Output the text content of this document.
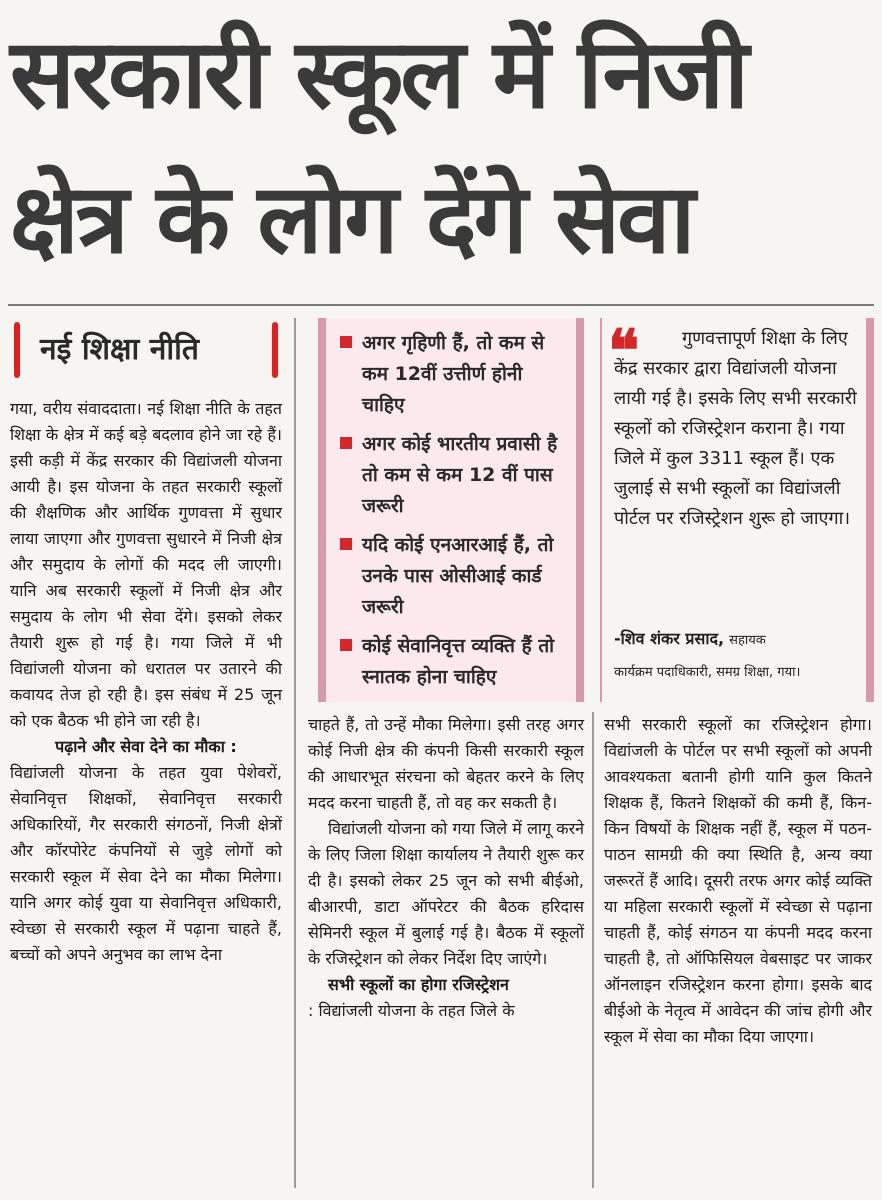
सरकारी स्कूल में निजी
क्षेत्र के लोग देंगे सेवा
नई शिक्षा नीति

गया, वरीय संवाददाता। नई शिक्षा नीति के तहत शिक्षा के क्षेत्र में कई बड़े बदलाव होने जा रहे हैं। इसी कड़ी में केंद्र सरकार की विद्यांजली योजना आयी है। इस योजना के तहत सरकारी स्कूलों की शैक्षणिक और आर्थिक गुणवत्ता में सुधार लाया जाएगा और गुणवत्ता सुधारने में निजी क्षेत्र और समुदाय के लोगों की मदद ली जाएगी। यानि अब सरकारी स्कूलों में निजी क्षेत्र और समुदाय के लोग भी सेवा देंगे। इसको लेकर तैयारी शुरू हो गई है। गया जिले में भी विद्यांजली योजना को धरातल पर उतारने की कवायद तेज हो रही है। इस संबंध में 25 जून को एक बैठक भी होने जा रही है।

पढ़ाने और सेवा देने का मौका :

विद्यांजली योजना के तहत युवा पेशेवरों, सेवानिवृत्त शिक्षकों, सेवानिवृत्त सरकारी अधिकारियों, गैर सरकारी संगठनों, निजी क्षेत्रों और कॉरपोरेट कंपनियों से जुड़े लोगों को सरकारी स्कूल में सेवा देने का मौका मिलेगा। यानि अगर कोई युवा या सेवानिवृत्त अधिकारी, स्वेच्छा से सरकारी स्कूल में पढ़ाना चाहते हैं, बच्चों को अपने अनुभव का लाभ देना

अगर गृहिणी हैं, तो कम से कम 12वीं उत्तीर्ण होनी चाहिए
अगर कोई भारतीय प्रवासी है तो कम से कम 12 वीं पास जरूरी
यदि कोई एनआरआई हैं, तो उनके पास ओसीआई कार्ड जरूरी
कोई सेवानिवृत्त व्यक्ति हैं तो स्नातक होना चाहिए

चाहते हैं, तो उन्हें मौका मिलेगा। इसी तरह अगर कोई निजी क्षेत्र की कंपनी किसी सरकारी स्कूल की आधारभूत संरचना को बेहतर करने के लिए मदद करना चाहती हैं, तो वह कर सकती है।

विद्यांजली योजना को गया जिले में लागू करने के लिए जिला शिक्षा कार्यालय ने तैयारी शुरू कर दी है। इसको लेकर 25 जून को सभी बीईओ, बीआरपी, डाटा ऑपरेटर की बैठक हरिदास सेमिनरी स्कूल में बुलाई गई है। बैठक में स्कूलों के रजिस्ट्रेशन को लेकर निर्देश दिए जाएंगे।

सभी स्कूलों का होगा रजिस्ट्रेशन

: विद्यांजली योजना के तहत जिले के

❝	गुणवत्तापूर्ण शिक्षा के लिए केंद्र सरकार द्वारा विद्यांजली योजना लायी गई है। इसके लिए सभी सरकारी स्कूलों को रजिस्ट्रेशन कराना है। गया जिले में कुल 3311 स्कूल हैं। एक जुलाई से सभी स्कूलों का विद्यांजली पोर्टल पर रजिस्ट्रेशन शुरू हो जाएगा।
-शिव शंकर प्रसाद, सहायक
कार्यक्रम पदाधिकारी, समग्र शिक्षा, गया।

सभी सरकारी स्कूलों का रजिस्ट्रेशन होगा। विद्यांजली के पोर्टल पर सभी स्कूलों को अपनी आवश्यकता बतानी होगी यानि कुल कितने शिक्षक हैं, कितने शिक्षकों की कमी हैं, किन-किन विषयों के शिक्षक नहीं हैं, स्कूल में पठन-पाठन सामग्री की क्या स्थिति है, अन्य क्या जरूरतें हैं आदि। दूसरी तरफ अगर कोई व्यक्ति या महिला सरकारी स्कूलों में स्वेच्छा से पढ़ाना चाहती हैं, कोई संगठन या कंपनी मदद करना चाहती है, तो ऑफिसियल वेबसाइट पर जाकर ऑनलाइन रजिस्ट्रेशन करना होगा। इसके बाद बीईओ के नेतृत्व में आवेदन की जांच होगी और स्कूल में सेवा का मौका दिया जाएगा।
